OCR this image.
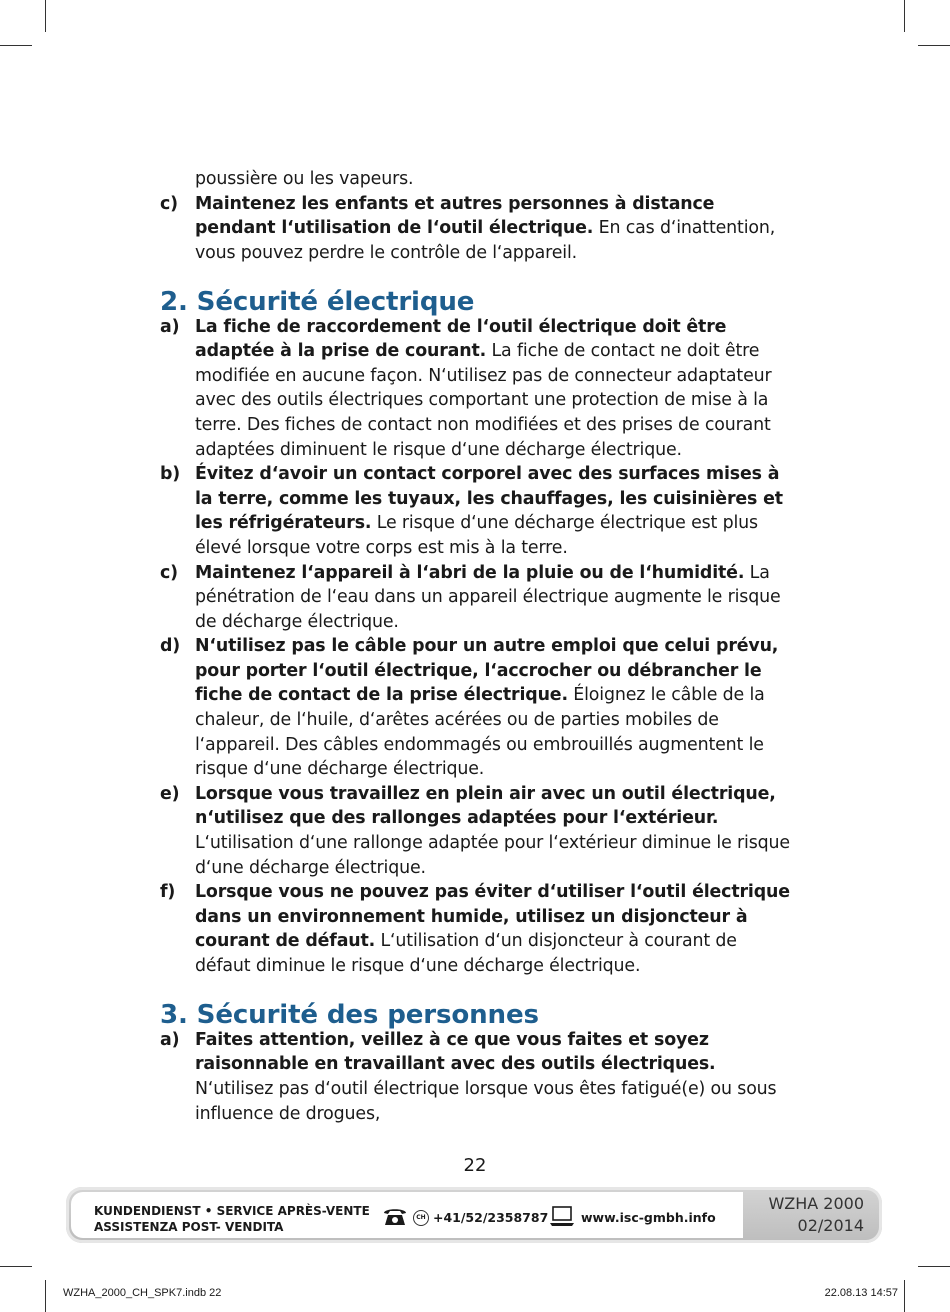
poussière ou les vapeurs.

c) Maintenez les enfants et autres personnes à distance pendant l‘utilisation de l‘outil électrique. En cas d‘inattention, vous pouvez perdre le contrôle de l‘appareil.
2. Sécurité électrique
a) La fiche de raccordement de l‘outil électrique doit être adaptée à la prise de courant. La fiche de contact ne doit être modifiée en aucune façon. N‘utilisez pas de connecteur adaptateur avec des outils électriques comportant une protection de mise à la terre. Des fiches de contact non modifiées et des prises de courant adaptées diminuent le risque d‘une décharge électrique.
b) Évitez d‘avoir un contact corporel avec des surfaces mises à la terre, comme les tuyaux, les chauffages, les cuisinières et les réfrigérateurs. Le risque d‘une décharge électrique est plus élevé lorsque votre corps est mis à la terre.
c) Maintenez l‘appareil à l‘abri de la pluie ou de l‘humidité. La pénétration de l‘eau dans un appareil électrique augmente le risque de décharge électrique.
d) N‘utilisez pas le câble pour un autre emploi que celui prévu, pour porter l‘outil électrique, l‘accrocher ou débrancher le fiche de contact de la prise électrique. Éloignez le câble de la chaleur, de l‘huile, d‘arêtes acérées ou de parties mobiles de l‘appareil. Des câbles endommagés ou embrouillés augmentent le risque d‘une décharge électrique.
e) Lorsque vous travaillez en plein air avec un outil électrique, n‘utilisez que des rallonges adaptées pour l‘extérieur. L‘utilisation d‘une rallonge adaptée pour l‘extérieur diminue le risque d‘une décharge électrique.
f) Lorsque vous ne pouvez pas éviter d‘utiliser l‘outil électrique dans un environnement humide, utilisez un disjoncteur à courant de défaut. L‘utilisation d‘un disjoncteur à courant de défaut diminue le risque d‘une décharge électrique.
3. Sécurité des personnes
a) Faites attention, veillez à ce que vous faites et soyez raisonnable en travaillant avec des outils électriques. N‘utilisez pas d‘outil électrique lorsque vous êtes fatigué(e) ou sous influence de drogues,
22
KUNDENDIENST • SERVICE APRÈS-VENTE
ASSISTENZA POST- VENDITA
CH +41/52/2358787	www.isc-gmbh.info
WZHA 2000
02/2014
WZHA_2000_CH_SPK7.indb 22	22.08.13 14:57
